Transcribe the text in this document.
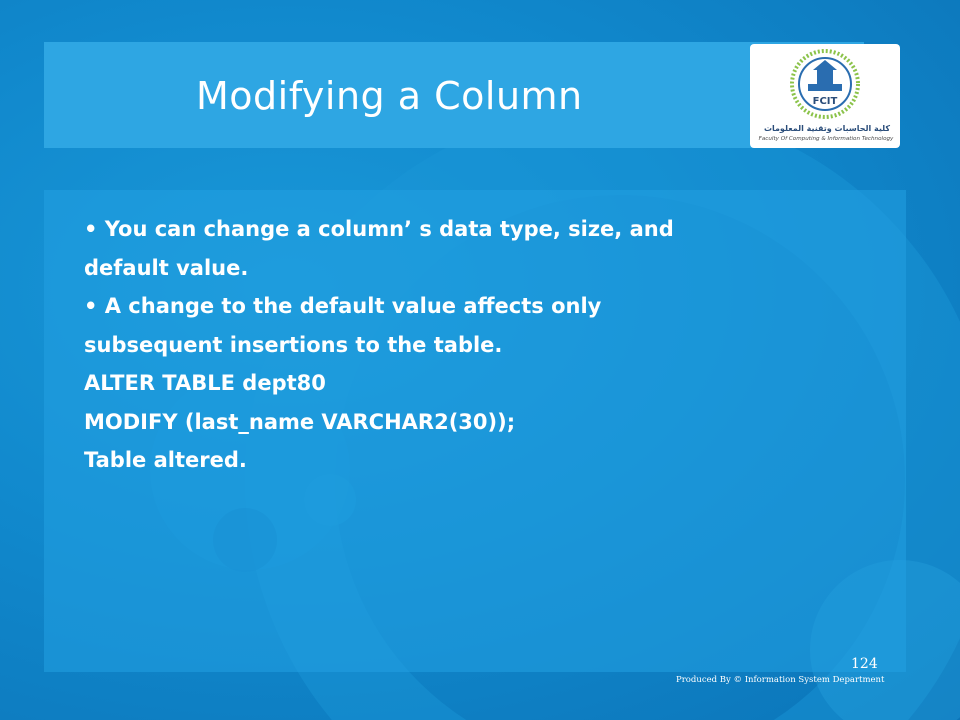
Modifying a Column
• You can change a column’ s data type, size, and
default value.
• A change to the default value affects only
subsequent insertions to the table.
ALTER TABLE dept80
MODIFY (last_name VARCHAR2(30));
Table altered.
FCIT
كلية الحاسبات وتقنية المعلومات
Faculty Of Computing & Information Technology
124
Produced By © Information System Department
